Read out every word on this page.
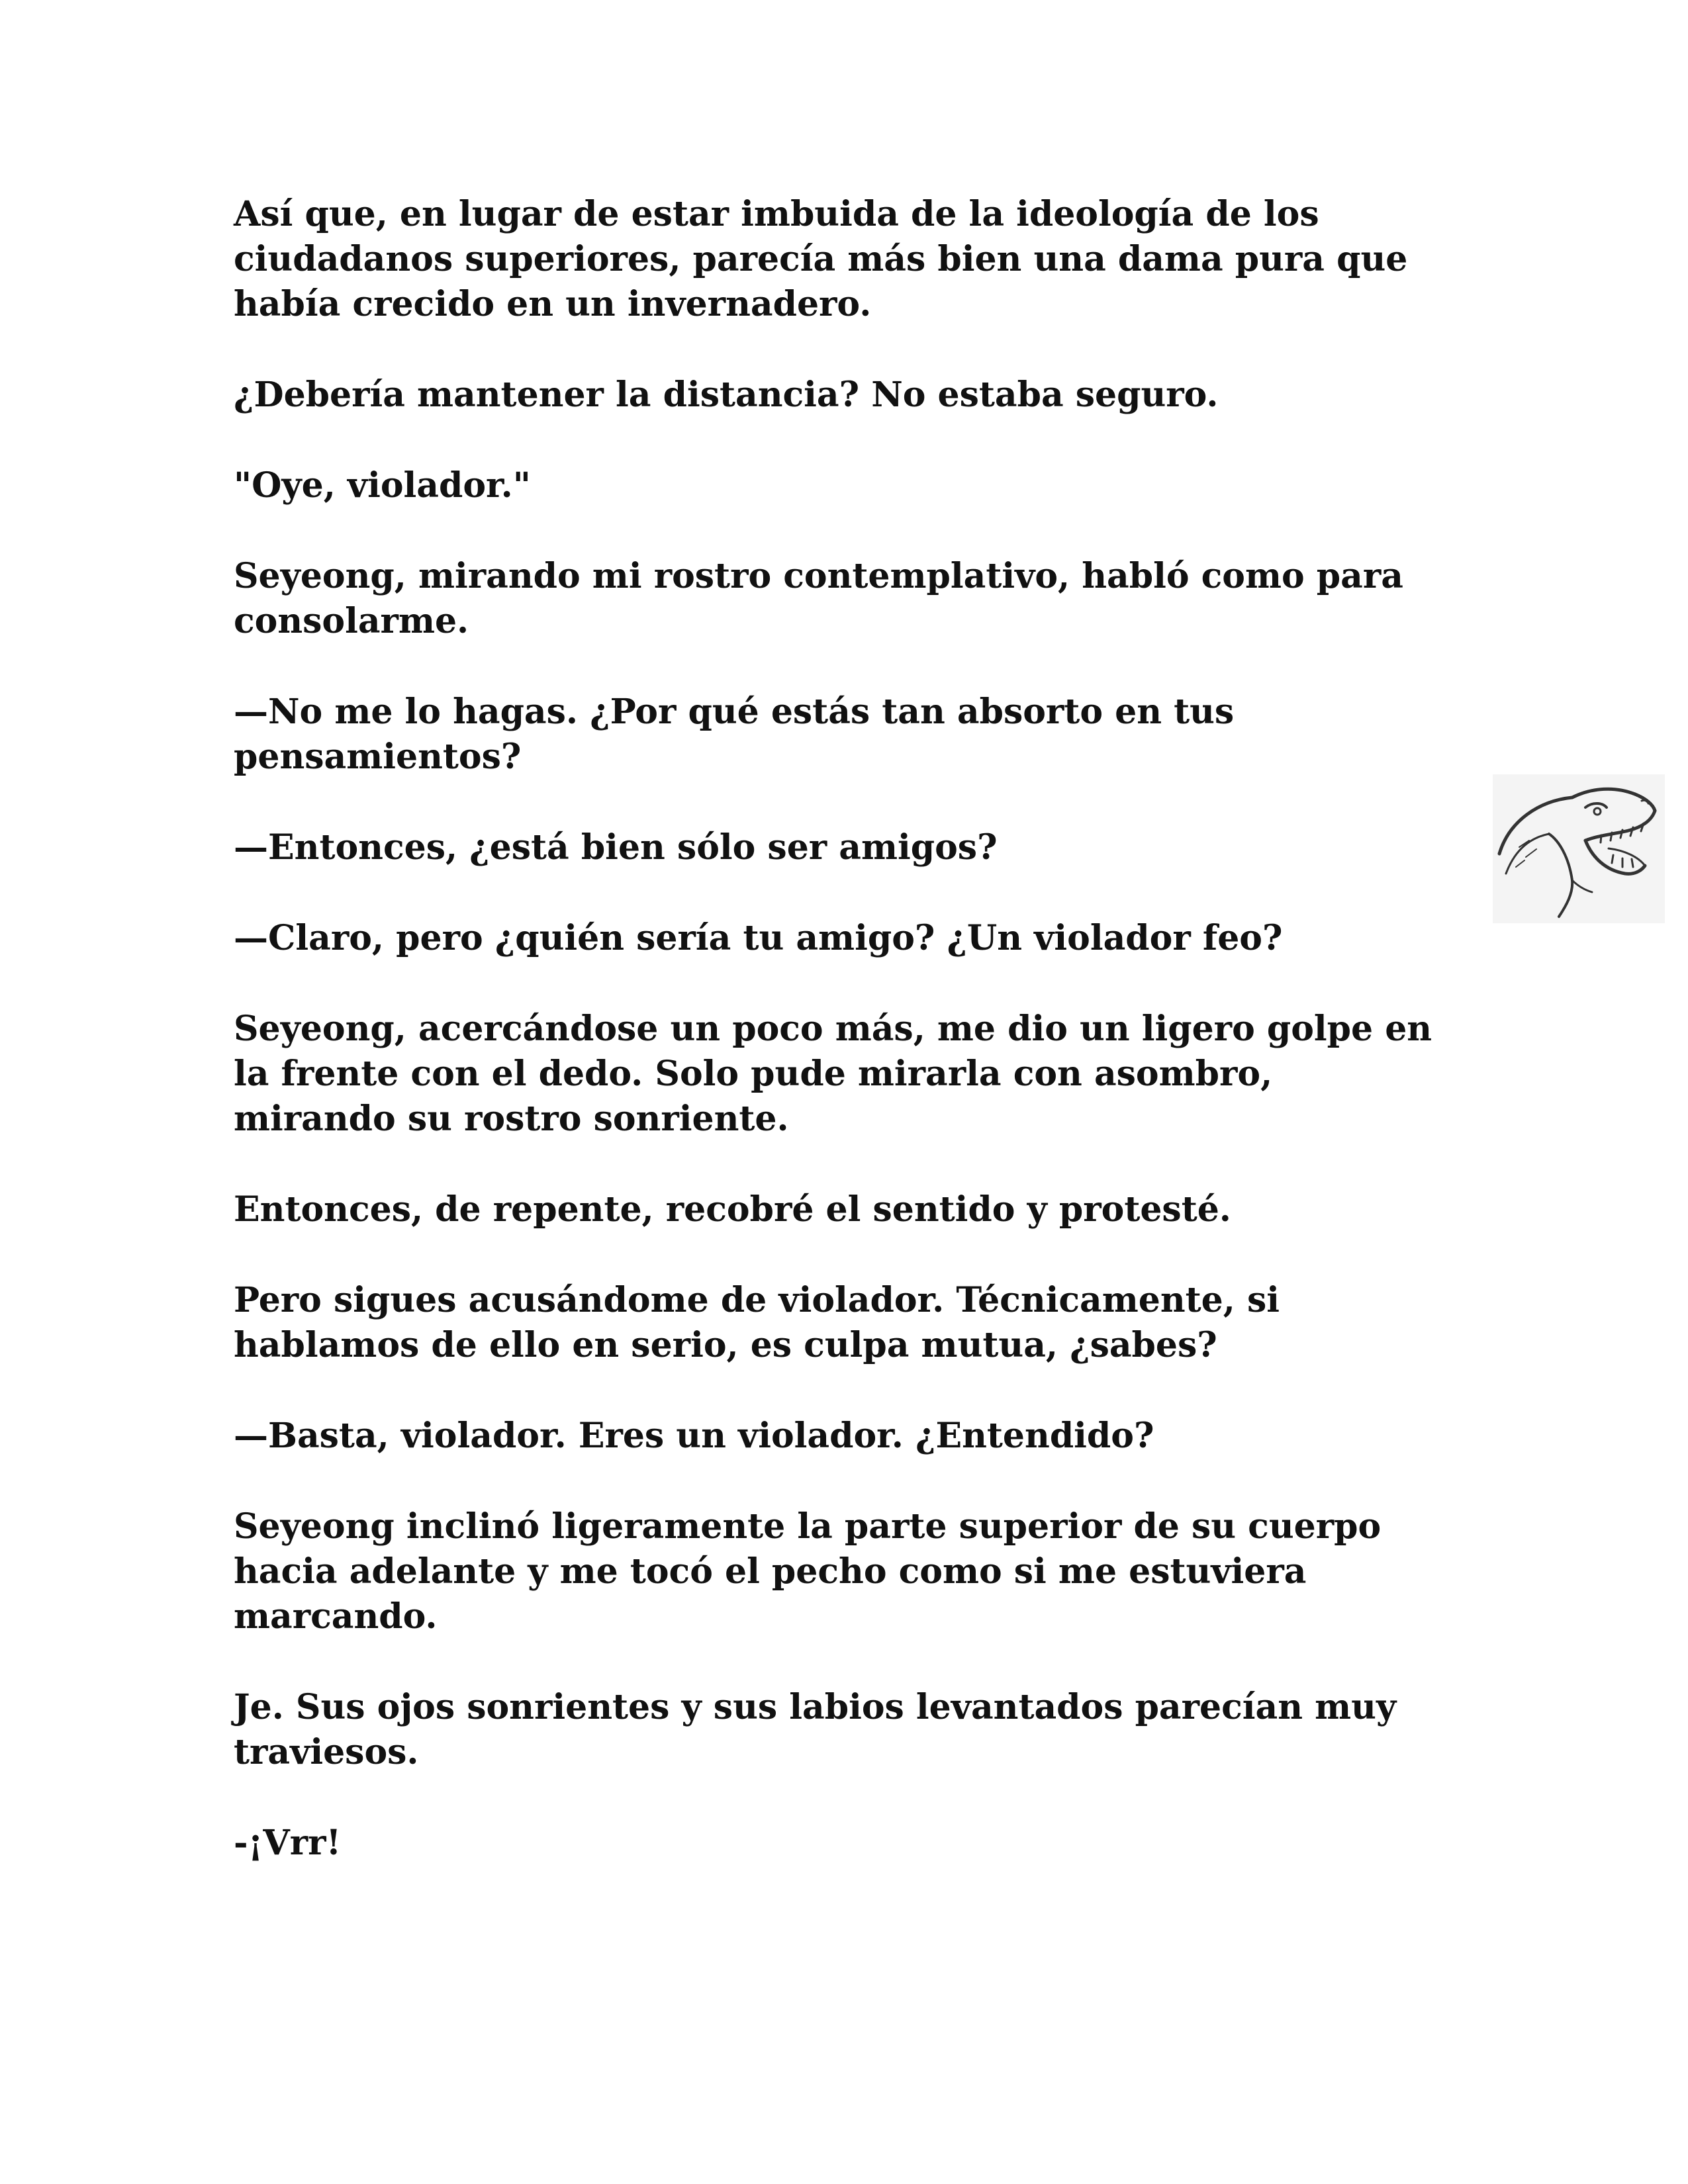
Así que, en lugar de estar imbuida de la ideología de los
ciudadanos superiores, parecía más bien una dama pura que
había crecido en un invernadero.

¿Debería mantener la distancia? No estaba seguro.

"Oye, violador."

Seyeong, mirando mi rostro contemplativo, habló como para
consolarme.

—No me lo hagas. ¿Por qué estás tan absorto en tus
pensamientos?

—Entonces, ¿está bien sólo ser amigos?

—Claro, pero ¿quién sería tu amigo? ¿Un violador feo?

Seyeong, acercándose un poco más, me dio un ligero golpe en
la frente con el dedo. Solo pude mirarla con asombro,
mirando su rostro sonriente.

Entonces, de repente, recobré el sentido y protesté.

Pero sigues acusándome de violador. Técnicamente, si
hablamos de ello en serio, es culpa mutua, ¿sabes?

—Basta, violador. Eres un violador. ¿Entendido?

Seyeong inclinó ligeramente la parte superior de su cuerpo
hacia adelante y me tocó el pecho como si me estuviera
marcando.

Je. Sus ojos sonrientes y sus labios levantados parecían muy
traviesos.

-¡Vrr!
